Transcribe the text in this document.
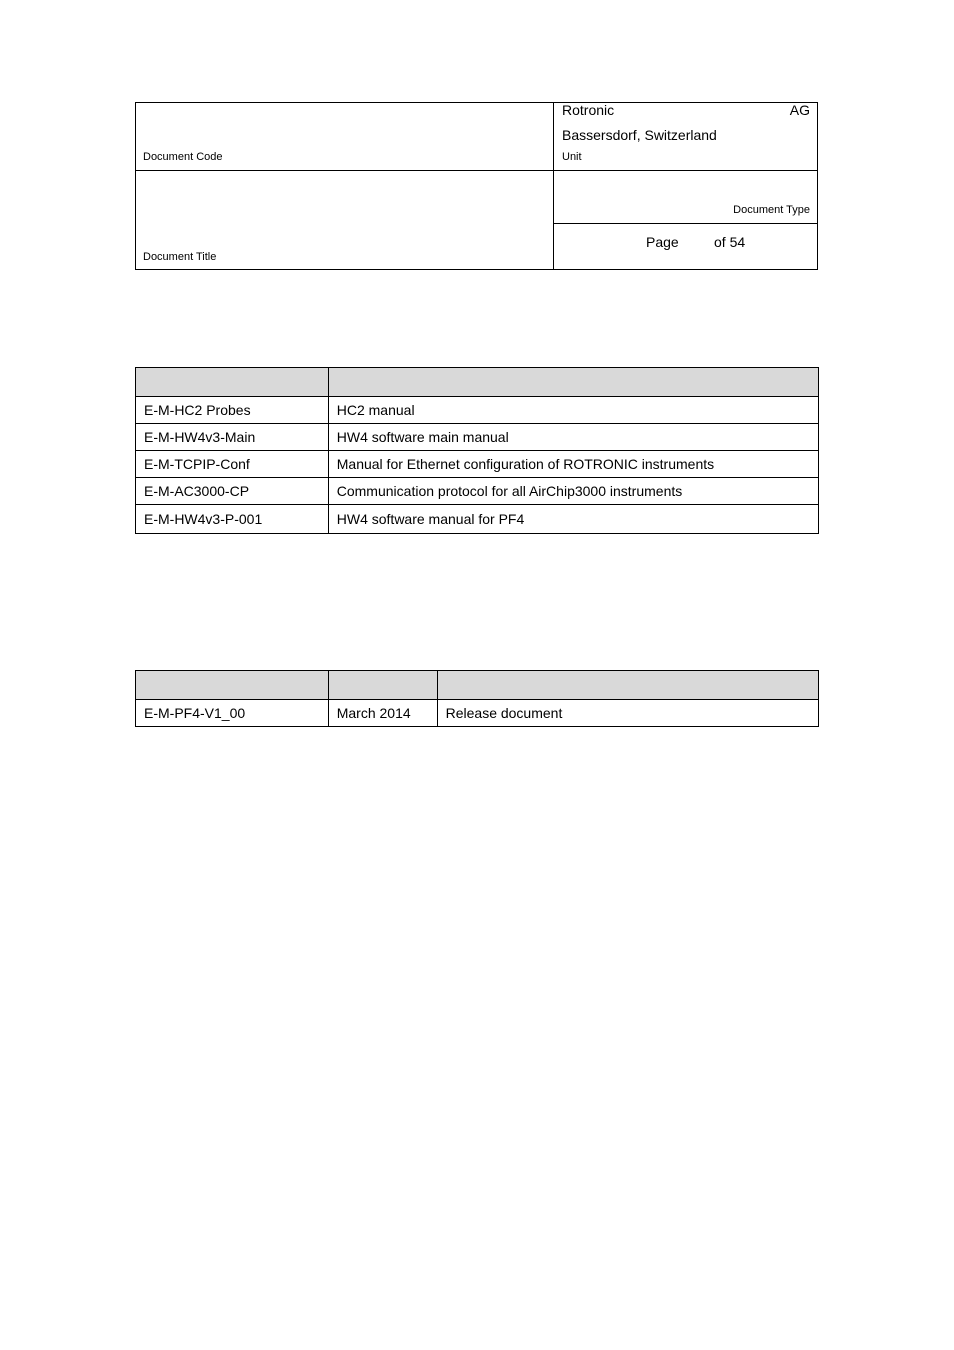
Rotronic	AG
Bassersdorf, Switzerland
Unit
Document Code
Document Type
Document Title
Page	of 54

E-M-HC2 Probes	HC2 manual
E-M-HW4v3-Main	HW4 software main manual
E-M-TCPIP-Conf	Manual for Ethernet configuration of ROTRONIC instruments
E-M-AC3000-CP	Communication protocol for all AirChip3000 instruments
E-M-HW4v3-P-001	HW4 software manual for PF4

E-M-PF4-V1_00	March 2014	Release document
